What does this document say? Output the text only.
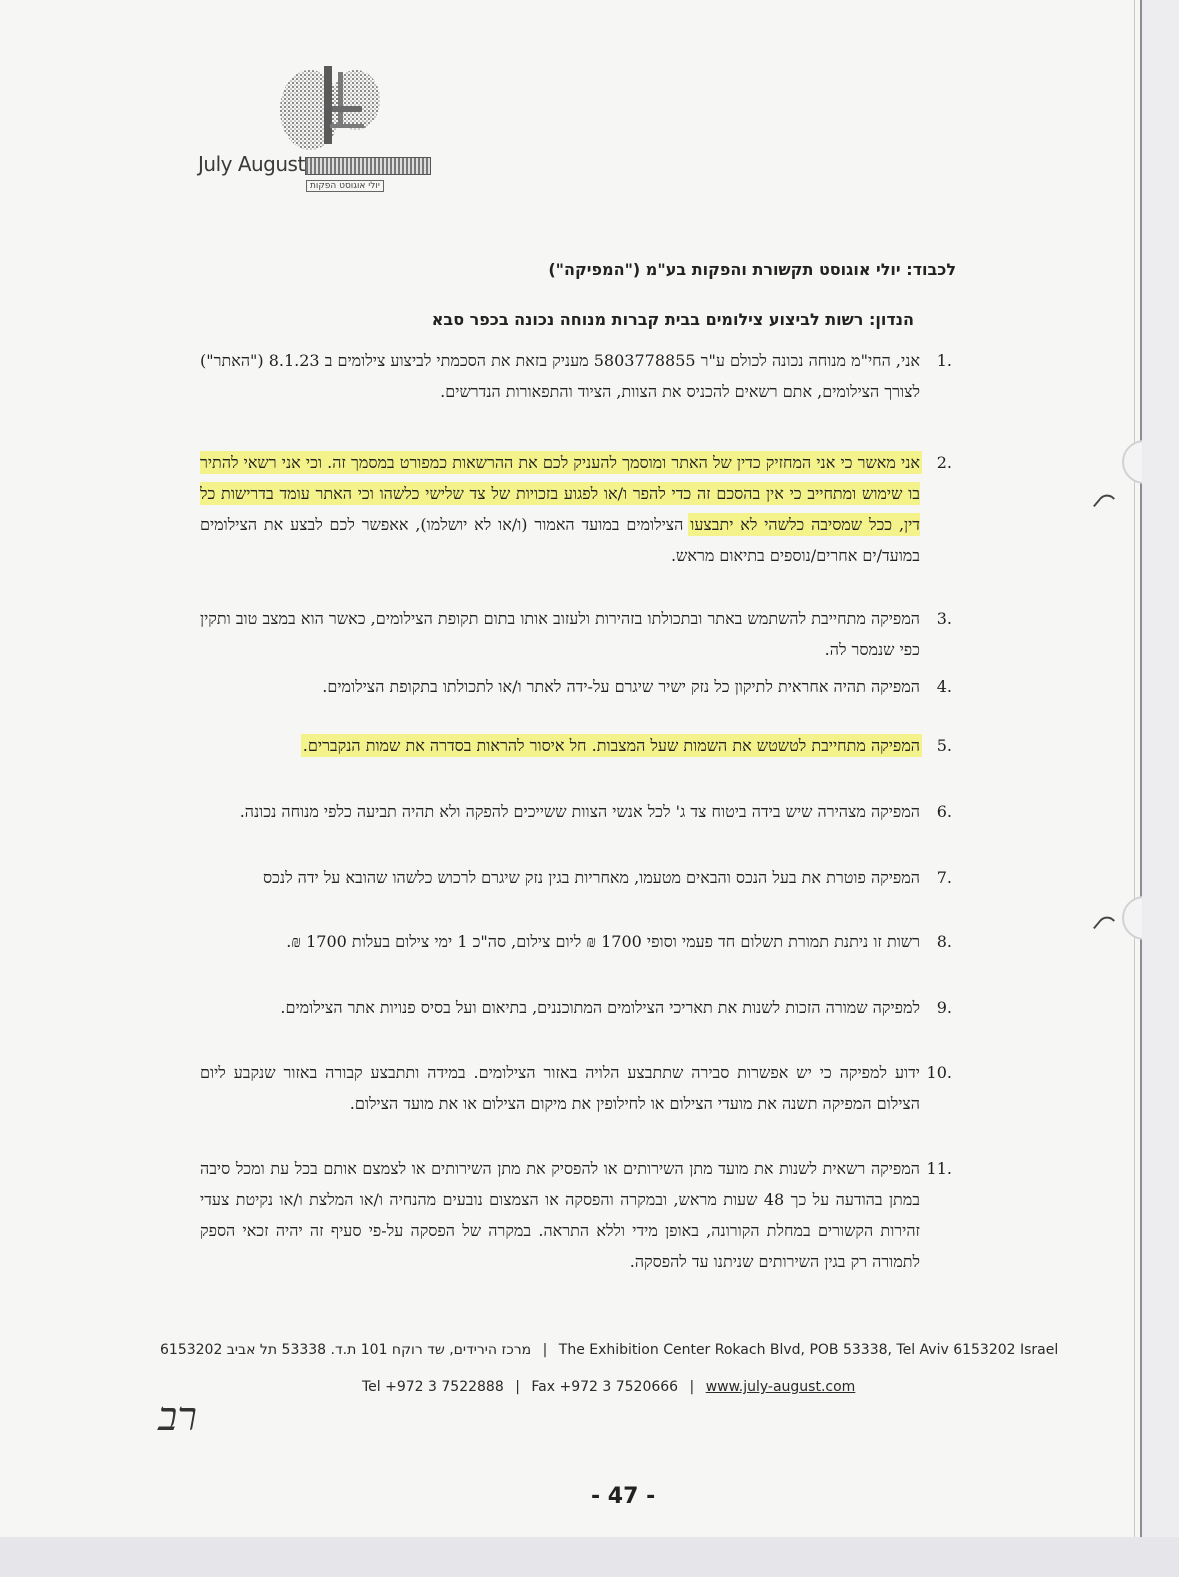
July August
יולי אוגוסט הפקות
לכבוד: יולי אוגוסט תקשורת והפקות בע"מ ("המפיקה")
הנדון: רשות לביצוע צילומים בבית קברות מנוחה נכונה בכפר סבא
1.
אני, החי"מ מנוחה נכונה לכולם ע"ר 5803778855 מעניק בזאת את הסכמתי לביצוע צילומים ב 8.1.23 ("האתר") לצורך הצילומים, אתם רשאים להכניס את הצוות, הציוד והתפאורות הנדרשים.
2.
אני מאשר כי אני המחזיק כדין של האתר ומוסמך להעניק לכם את ההרשאות כמפורט במסמך זה. וכי אני רשאי להתיר בו שימוש ומתחייב כי אין בהסכם זה כדי להפר ו/או לפגוע בזכויות של צד שלישי כלשהו וכי האתר עומד בדרישות כל דין, ככל שמסיבה כלשהי לא יתבצעו הצילומים במועד האמור (ו/או לא יושלמו), אאפשר לכם לבצע את הצילומים במועד/ים אחרים/נוספים בתיאום מראש.
3.
המפיקה מתחייבת להשתמש באתר ובתכולתו בזהירות ולעזוב אותו בתום תקופת הצילומים, כאשר הוא במצב טוב ותקין כפי שנמסר לה.
4.
המפיקה תהיה אחראית לתיקון כל נזק ישיר שיגרם על-ידה לאתר ו/או לתכולתו בתקופת הצילומים.
5.
המפיקה מתחייבת לטשטש את השמות שעל המצבות. חל איסור להראות בסדרה את שמות הנקברים.
6.
המפיקה מצהירה שיש בידה ביטוח צד ג' לכל אנשי הצוות ששייכים להפקה ולא תהיה תביעה כלפי מנוחה נכונה.
7.
המפיקה פוטרת את בעל הנכס והבאים מטעמו, מאחריות בגין נזק שיגרם לרכוש כלשהו שהובא על ידה לנכס
8.
רשות זו ניתנת תמורת תשלום חד פעמי וסופי 1700 ₪ ליום צילום, סה"כ 1 ימי צילום בעלות 1700 ₪.
9.
למפיקה שמורה הזכות לשנות את תאריכי הצילומים המתוכננים, בתיאום ועל בסיס פנויות אתר הצילומים.
10.
ידוע למפיקה כי יש אפשרות סבירה שתתבצע הלויה באזור הצילומים. במידה ותתבצע קבורה באזור שנקבע ליום הצילום המפיקה תשנה את מועדי הצילום או לחילופין את מיקום הצילום או את מועד הצילום.
11.
המפיקה רשאית לשנות את מועד מתן השירותים או להפסיק את מתן השירותים או לצמצם אותם בכל עת ומכל סיבה במתן בהודעה על כך 48 שעות מראש, ובמקרה והפסקה או הצמצום נובעים מהנחיה ו/או המלצת ו/או נקיטת צעדי זהירות הקשורים במחלת הקורונה, באופן מידי וללא התראה. במקרה של הפסקה על-פי סעיף זה יהיה זכאי הספק לתמורה רק בגין השירותים שניתנו עד להפסקה.
מרכז הירידים, שד רוקח 101 ת.ד. 53338 תל אביב 6153202 | The Exhibition Center Rokach Blvd, POB 53338, Tel Aviv 6153202 Israel
Tel +972 3 7522888 | Fax +972 3 7520666 | www.july-august.com
רב
- 47 -
